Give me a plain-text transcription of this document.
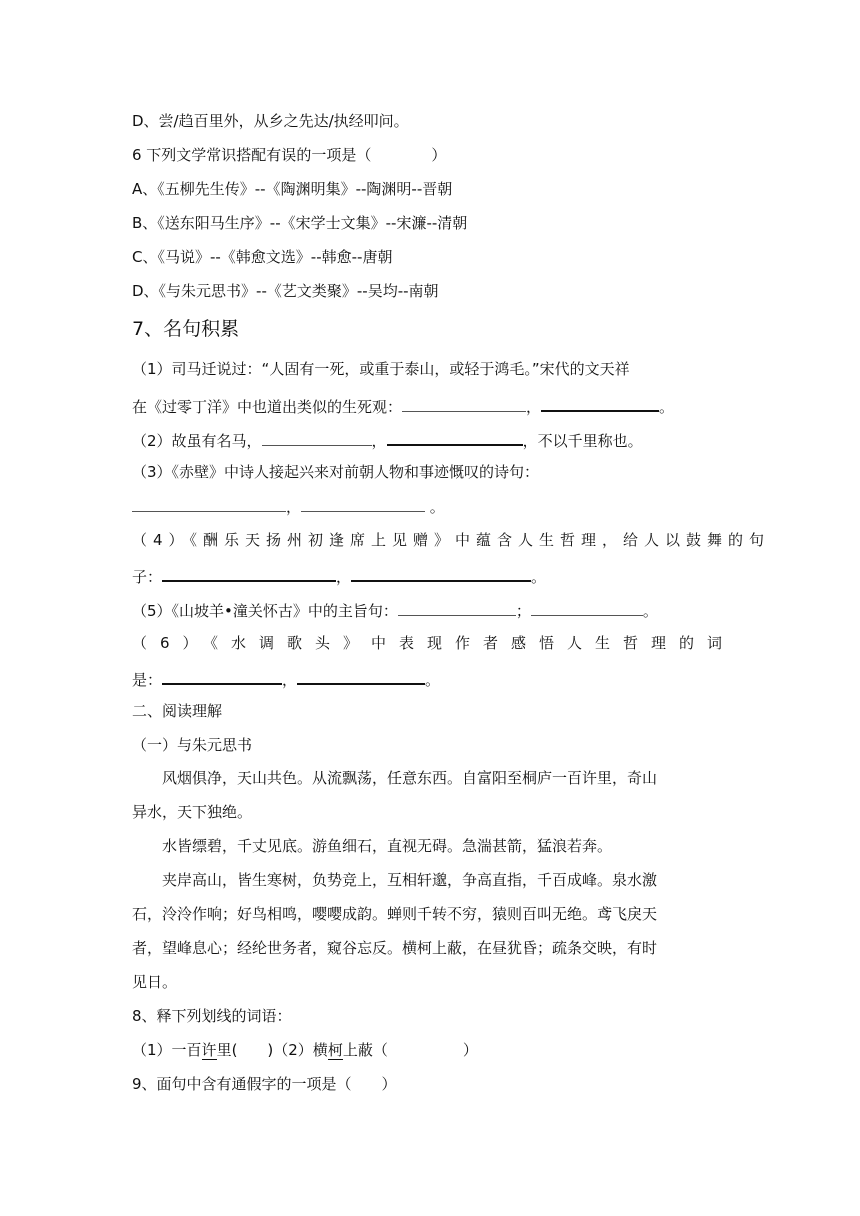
D、尝/趋百里外，从乡之先达/执经叩问。
6 下列文学常识搭配有误的一项是（　　　　）
A、《五柳先生传》--《陶渊明集》--陶渊明--晋朝
B、《送东阳马生序》--《宋学士文集》--宋濂--清朝
C、《马说》--《韩愈文选》--韩愈--唐朝
D、《与朱元思书》--《艺文类聚》--吴均--南朝
7、名句积累
（1）司马迁说过：“人固有一死，或重于泰山，或轻于鸿毛。”宋代的文天祥
在《过零丁洋》中也道出类似的生死观：	，	。
（2）故虽有名马，	，	，不以千里称也。
（3）《赤壁》中诗人接起兴来对前朝人物和事迹慨叹的诗句：
，	。
（4）《酬乐天扬州初逢席上见赠》中蕴含人生哲理，给人以鼓舞的句
子：	，	。
（5）《山坡羊•潼关怀古》中的主旨句：	；	。
（6）《水调歌头》中表现作者感悟人生哲理的词
是：	，	。
二、阅读理解
（一）与朱元思书
风烟俱净，天山共色。从流飘荡，任意东西。自富阳至桐庐一百许里，奇山
异水，天下独绝。
水皆缥碧，千丈见底。游鱼细石，直视无碍。急湍甚箭，猛浪若奔。
夹岸高山，皆生寒树，负势竞上，互相轩邈，争高直指，千百成峰。泉水激
石，泠泠作响；好鸟相鸣，嘤嘤成韵。蝉则千转不穷，猿则百叫无绝。鸢飞戾天
者，望峰息心；经纶世务者，窥谷忘反。横柯上蔽，在昼犹昏；疏条交映，有时
见日。
8、释下列划线的词语：
（1）一百许里(　　)（2）横柯上蔽（　　　　　）
9、面句中含有通假字的一项是（　　）
